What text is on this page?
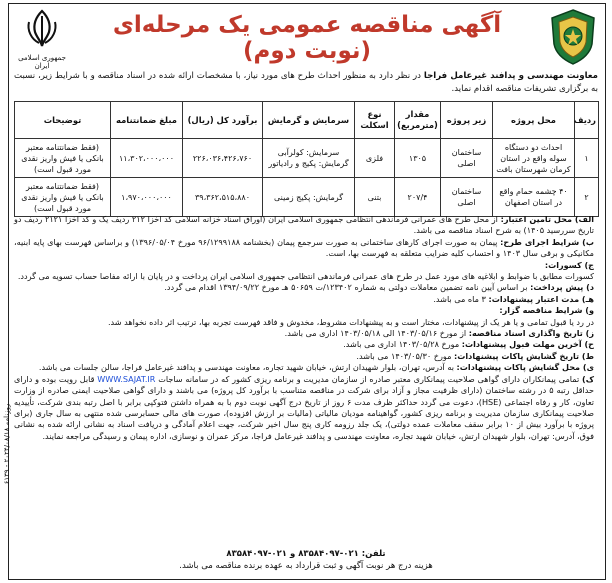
جمهوری اسلامی ایران
آگهی مناقصه عمومی یک مرحله‌ای (نوبت دوم)
معاونت مهندسی و پدافند غیرعامل فراجا در نظر دارد به منظور احداث طرح های مورد نیاز، با مشخصات ارائه شده در اسناد مناقصه و با شرایط زیر، نسبت به برگزاری تشریفات مناقصه اقدام نماید.
ردیف	محل پروژه	زیر پروژه	مقدار (مترمربع)	نوع اسکلت	سرمایش و گرمایش	برآورد کل (ریال)	مبلغ ضمانتنامه	توضیحات
۱	احداث دو دستگاه سوله واقع در استان کرمان شهرستان بافت	ساختمان اصلی	۱۳۰۵	فلزی	سرمایش: کولرآبی گرمایش: پکیج و رادیاتور	۲۲۶،۰۳۶،۴۲۶،۷۶۰	۱۱،۳۰۲،۰۰۰،۰۰۰	(فقط ضمانتنامه معتبر بانکی یا فیش واریز نقدی مورد قبول است)
۲	۴۰ چشمه حمام واقع در استان اصفهان	ساختمان اصلی	۲۰۷/۴	بتنی	گرمایش: پکیج زمینی	۳۹،۳۶۲،۵۱۵،۸۸۰	۱،۹۷۰،۰۰۰،۰۰۰	(فقط ضمانتنامه معتبر بانکی یا فیش واریز نقدی مورد قبول است)

الف) محل تامین اعتبار: از محل طرح های عمرانی فرماندهی انتظامی جمهوری اسلامی ایران (اوراق اسناد خزانه اسلامی کد اخزا ۲۱۲ ردیف یک و کد اخزا ۲۱۲۱ ردیف دو تاریخ سررسید ۱۴۰۵) به شرح اسناد مناقصه می باشد.

ب) شرایط اجرای طرح: پیمان به صورت اجرای کارهای ساختمانی به صورت سرجمع پیمان (بخشنامه ۹۶/۱۲۹۹۱۸۸ مورخ ۱۳۹۶/۰۵/۰۴) و براساس فهرست بهای پایه ابنیه، مکانیکی و برقی سال ۱۴۰۳ و احتساب کلیه ضرایب متعلقه به فهرست بها، است.

ج) کسورات:

کسورات مطابق با ضوابط و ابلاغیه های مورد عمل در طرح های عمرانی فرماندهی انتظامی جمهوری اسلامی ایران پرداخت و در پایان با ارائه مفاصا حساب تسویه می گردد.

د) پیش پرداخت: بر اساس آیین نامه تضمین معاملات دولتی به شماره ۱۲۳۴۰۲/ت ۵۰۶۵۹ هـ مورخ ۱۳۹۴/۰۹/۲۲ اقدام می گردد.

هـ) مدت اعتبار پیشنهادات: ۳ ماه می باشد.

و) شرایط مناقصه گزار:

در رد یا قبول تمامی و یا هر یک از پیشنهادات، مختار است و به پیشنهادات مشروط، مخدوش و فاقد فهرست تجربه بها، ترتیب اثر داده نخواهد شد.

ز) تاریخ واگذاری اسناد مناقصه: از مورخ ۱۴۰۳/۰۵/۱۶ الی ۱۴۰۳/۰۵/۱۸ اداری می باشد.

ح) آخرین مهلت قبول پیشنهادات: مورخ ۱۴۰۳/۰۵/۲۸ اداری می باشد.

ط) تاریخ گشایش پاکات پیشنهادات: مورخ ۱۴۰۳/۰۵/۳۰ می باشد.

ی) محل گشایش پاکات پیشنهادات: به آدرس، تهران، بلوار شهیدان ارتش، خیابان شهید تجاره، معاونت مهندسی و پدافند غیرعامل فراجا، سالن جلسات می باشد.

ک) تمامی پیمانکاران دارای گواهی صلاحیت پیمانکاری معتبر صادره از سازمان مدیریت و برنامه ریزی کشور که در سامانه ساجات WWW.SAJAT.IR قابل رویت بوده و دارای حداقل رتبه ۵ در رشته ساختمان (دارای ظرفیت مجاز و آزاد برای شرکت در مناقصه متناسب با برآورد کل پروژه) می باشند و دارای گواهی صلاحیت ایمنی صادره از وزارت تعاون، کار و رفاه اجتماعی (HSE)، دعوت می گردد حداکثر ظرف مدت ۶ روز از تاریخ درج آگهی نوبت دوم با به همراه داشتن فتوکپی برابر با اصل رتبه بندی شرکت، تأییدیه صلاحیت پیمانکاری سازمان مدیریت و برنامه ریزی کشور، گواهینامه مودیان مالیاتی (مالیات بر ارزش افزوده)، صورت های مالی حسابرسی شده منتهی به سال جاری (برای پروژه با برآورد بیش از ۱۰ برابر سقف معاملات عمده دولتی)، یک جلد رزومه کاری پنج سال اخیر شرکت، جهت اعلام آمادگی و دریافت اسناد به نشانی ارائه شده به نشانی فوق، آدرس: تهران، بلوار شهیدان ارتش، خیابان شهید تجاره، معاونت مهندسی و پدافند غیرعامل فراجا، مرکز عمران و نوسازی، اداره پیمان و رسیدگی مراجعه نمایند.

تلفن: ۰۲۱-۸۳۵۸۴۰۹۷ و ۰۲۱-۸۳۵۸۴۰۹۷
هزینه درج هر نوبت آگهی و ثبت قرارداد به عهده برنده مناقصه می باشد.
روزنامه ۲۰۲۴/۰۸/۱۸ - ۶۱۳۹
